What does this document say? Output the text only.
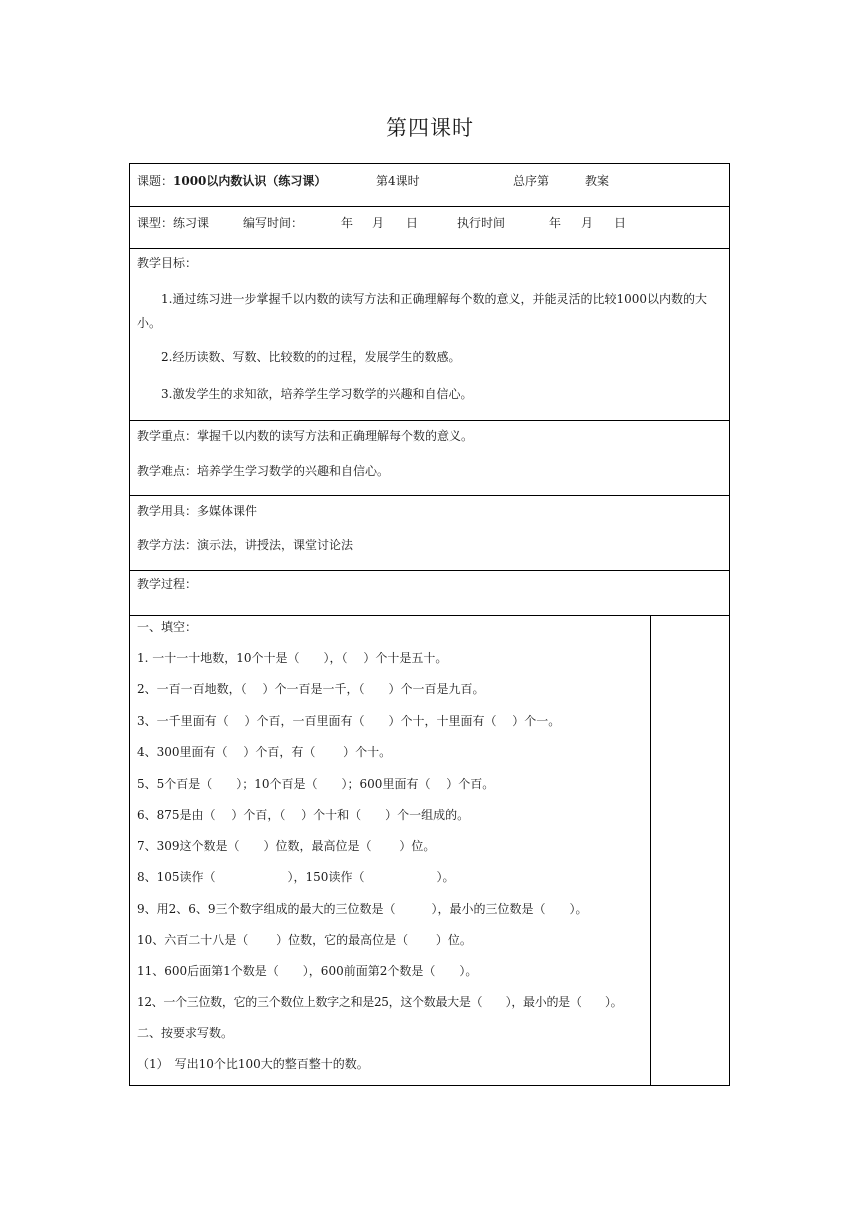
第四课时
课题： 1000以内数认识（练习课）	第4课时	总序第	教案
课型：练习课	编写时间：	年 月 日	执行时间	年 月 日
教学目标：
1.通过练习进一步掌握千以内数的读写方法和正确理解每个数的意义，并能灵活的比较1000以内数的大小。
2.经历读数、写数、比较数的的过程，发展学生的数感。
3.激发学生的求知欲，培养学生学习数学的兴趣和自信心。
教学重点：掌握千以内数的读写方法和正确理解每个数的意义。
教学难点：培养学生学习数学的兴趣和自信心。
教学用具：多媒体课件
教学方法：演示法，讲授法，课堂讨论法
教学过程：
一、填空：
1. 一十一十地数，10个十是（　　），（　 ）个十是五十。
2、一百一百地数，（　 ）个一百是一千，（　　）个一百是九百。
3、一千里面有（　 ）个百，一百里面有（　　）个十，十里面有（　 ）个一。
4、300里面有（　 ）个百，有（　　 ）个十。
5、5个百是（　　）；10个百是（　　）；600里面有（　 ）个百。
6、875是由（　 ）个百，（　 ）个十和（　　）个一组成的。
7、309这个数是（　　）位数，最高位是（　　 ）位。
8、105读作（　　　　　　），150读作（　　　　　　）。
9、用2、6、9三个数字组成的最大的三位数是（　　　），最小的三位数是（　　）。
10、六百二十八是（　　 ）位数，它的最高位是（　　 ）位。
11、600后面第1个数是（　　），600前面第2个数是（　　）。
12、一个三位数，它的三个数位上数字之和是25，这个数最大是（　　），最小的是（　　）。
二、按要求写数。
（1）　写出10个比100大的整百整十的数。
